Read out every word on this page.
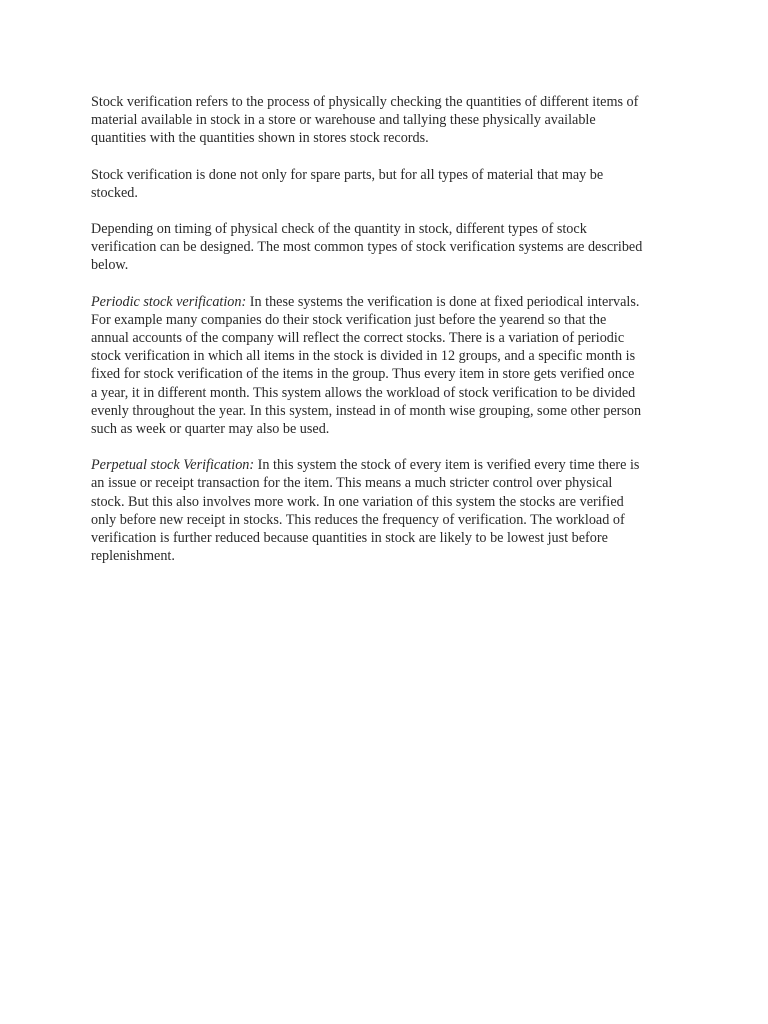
Stock verification refers to the process of physically checking the quantities of different items of
material available in stock in a store or warehouse and tallying these physically available
quantities with the quantities shown in stores stock records.

Stock verification is done not only for spare parts, but for all types of material that may be
stocked.

Depending on timing of physical check of the quantity in stock, different types of stock
verification can be designed. The most common types of stock verification systems are described
below.

Periodic stock verification: In these systems the verification is done at fixed periodical intervals.
For example many companies do their stock verification just before the yearend so that the
annual accounts of the company will reflect the correct stocks. There is a variation of periodic
stock verification in which all items in the stock is divided in 12 groups, and a specific month is
fixed for stock verification of the items in the group. Thus every item in store gets verified once
a year, it in different month. This system allows the workload of stock verification to be divided
evenly throughout the year. In this system, instead in of month wise grouping, some other person
such as week or quarter may also be used.

Perpetual stock Verification: In this system the stock of every item is verified every time there is
an issue or receipt transaction for the item. This means a much stricter control over physical
stock. But this also involves more work. In one variation of this system the stocks are verified
only before new receipt in stocks. This reduces the frequency of verification. The workload of
verification is further reduced because quantities in stock are likely to be lowest just before
replenishment.
